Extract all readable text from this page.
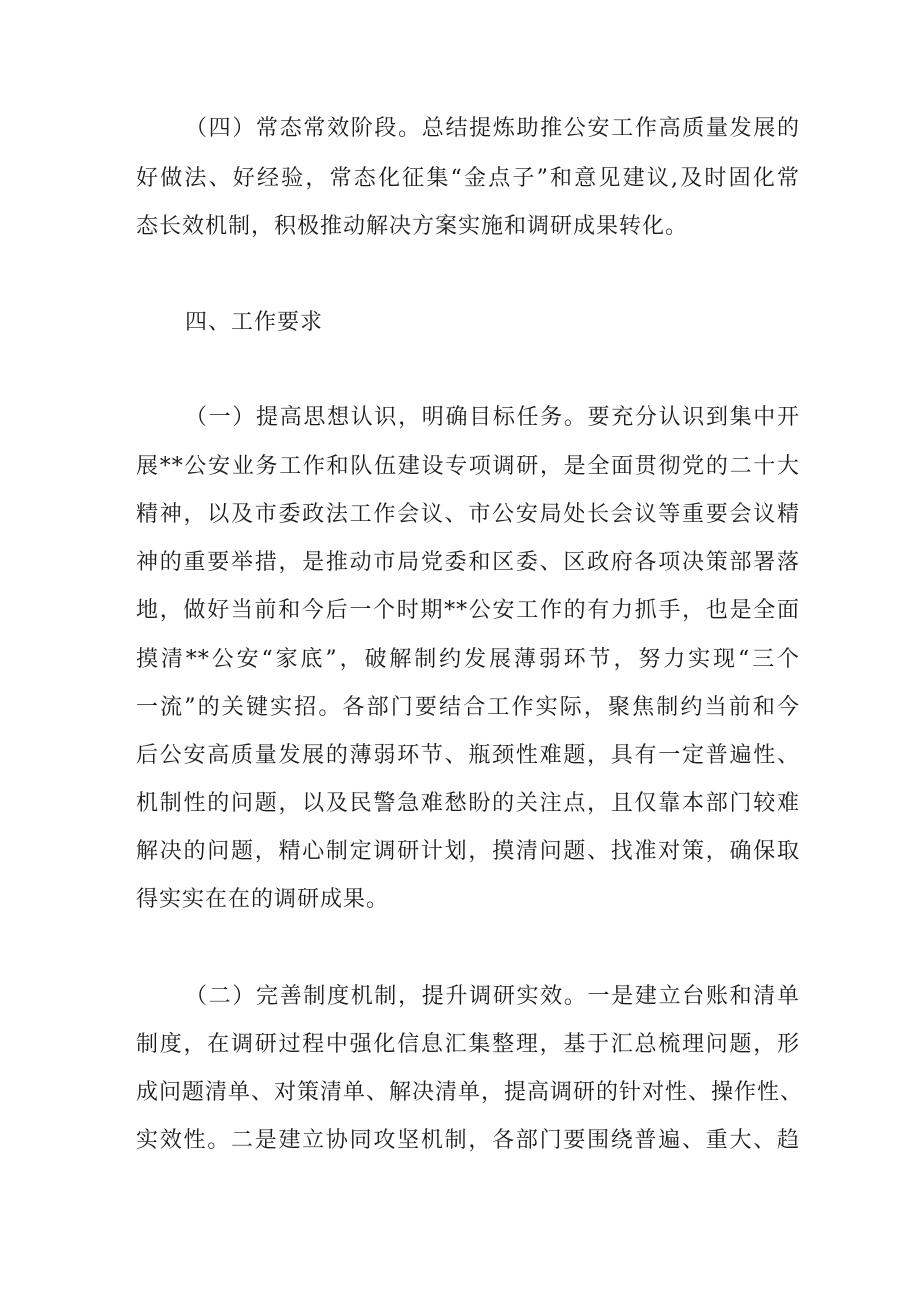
（四）常态常效阶段。总结提炼助推公安工作高质量发展的
好做法、好经验，常态化征集“金点子”和意见建议,及时固化常
态长效机制，积极推动解决方案实施和调研成果转化。
四、工作要求
（一）提高思想认识，明确目标任务。要充分认识到集中开
展**公安业务工作和队伍建设专项调研，是全面贯彻党的二十大
精神，以及市委政法工作会议、市公安局处长会议等重要会议精
神的重要举措，是推动市局党委和区委、区政府各项决策部署落
地，做好当前和今后一个时期**公安工作的有力抓手，也是全面
摸清**公安“家底”，破解制约发展薄弱环节，努力实现“三个
一流”的关键实招。各部门要结合工作实际，聚焦制约当前和今
后公安高质量发展的薄弱环节、瓶颈性难题，具有一定普遍性、
机制性的问题，以及民警急难愁盼的关注点，且仅靠本部门较难
解决的问题，精心制定调研计划，摸清问题、找准对策，确保取
得实实在在的调研成果。
（二）完善制度机制，提升调研实效。一是建立台账和清单
制度，在调研过程中强化信息汇集整理，基于汇总梳理问题，形
成问题清单、对策清单、解决清单，提高调研的针对性、操作性、
实效性。二是建立协同攻坚机制，各部门要围绕普遍、重大、趋
